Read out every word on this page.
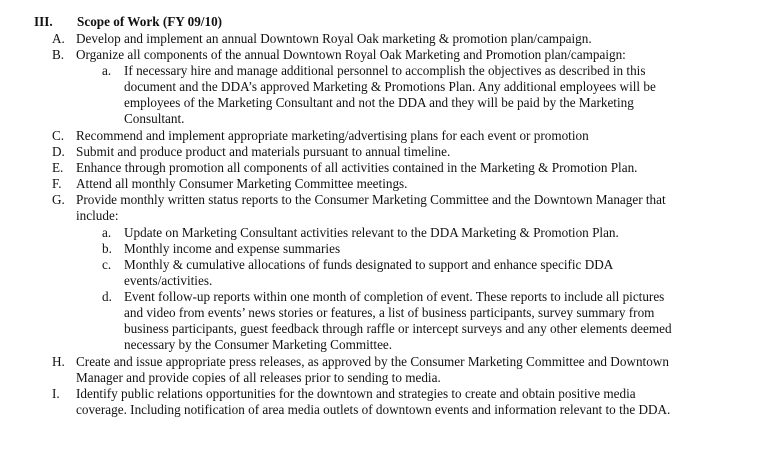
III. Scope of Work (FY 09/10)
A. Develop and implement an annual Downtown Royal Oak marketing & promotion plan/campaign.
B. Organize all components of the annual Downtown Royal Oak Marketing and Promotion plan/campaign:
a. If necessary hire and manage additional personnel to accomplish the objectives as described in this
document and the DDA’s approved Marketing & Promotions Plan. Any additional employees will be
employees of the Marketing Consultant and not the DDA and they will be paid by the Marketing
Consultant.
C. Recommend and implement appropriate marketing/advertising plans for each event or promotion
D. Submit and produce product and materials pursuant to annual timeline.
E. Enhance through promotion all components of all activities contained in the Marketing & Promotion Plan.
F. Attend all monthly Consumer Marketing Committee meetings.
G. Provide monthly written status reports to the Consumer Marketing Committee and the Downtown Manager that
include:
a. Update on Marketing Consultant activities relevant to the DDA Marketing & Promotion Plan.
b. Monthly income and expense summaries
c. Monthly & cumulative allocations of funds designated to support and enhance specific DDA
events/activities.
d. Event follow-up reports within one month of completion of event. These reports to include all pictures
and video from events’ news stories or features, a list of business participants, survey summary from
business participants, guest feedback through raffle or intercept surveys and any other elements deemed
necessary by the Consumer Marketing Committee.
H. Create and issue appropriate press releases, as approved by the Consumer Marketing Committee and Downtown
Manager and provide copies of all releases prior to sending to media.
I. Identify public relations opportunities for the downtown and strategies to create and obtain positive media
coverage. Including notification of area media outlets of downtown events and information relevant to the DDA.
